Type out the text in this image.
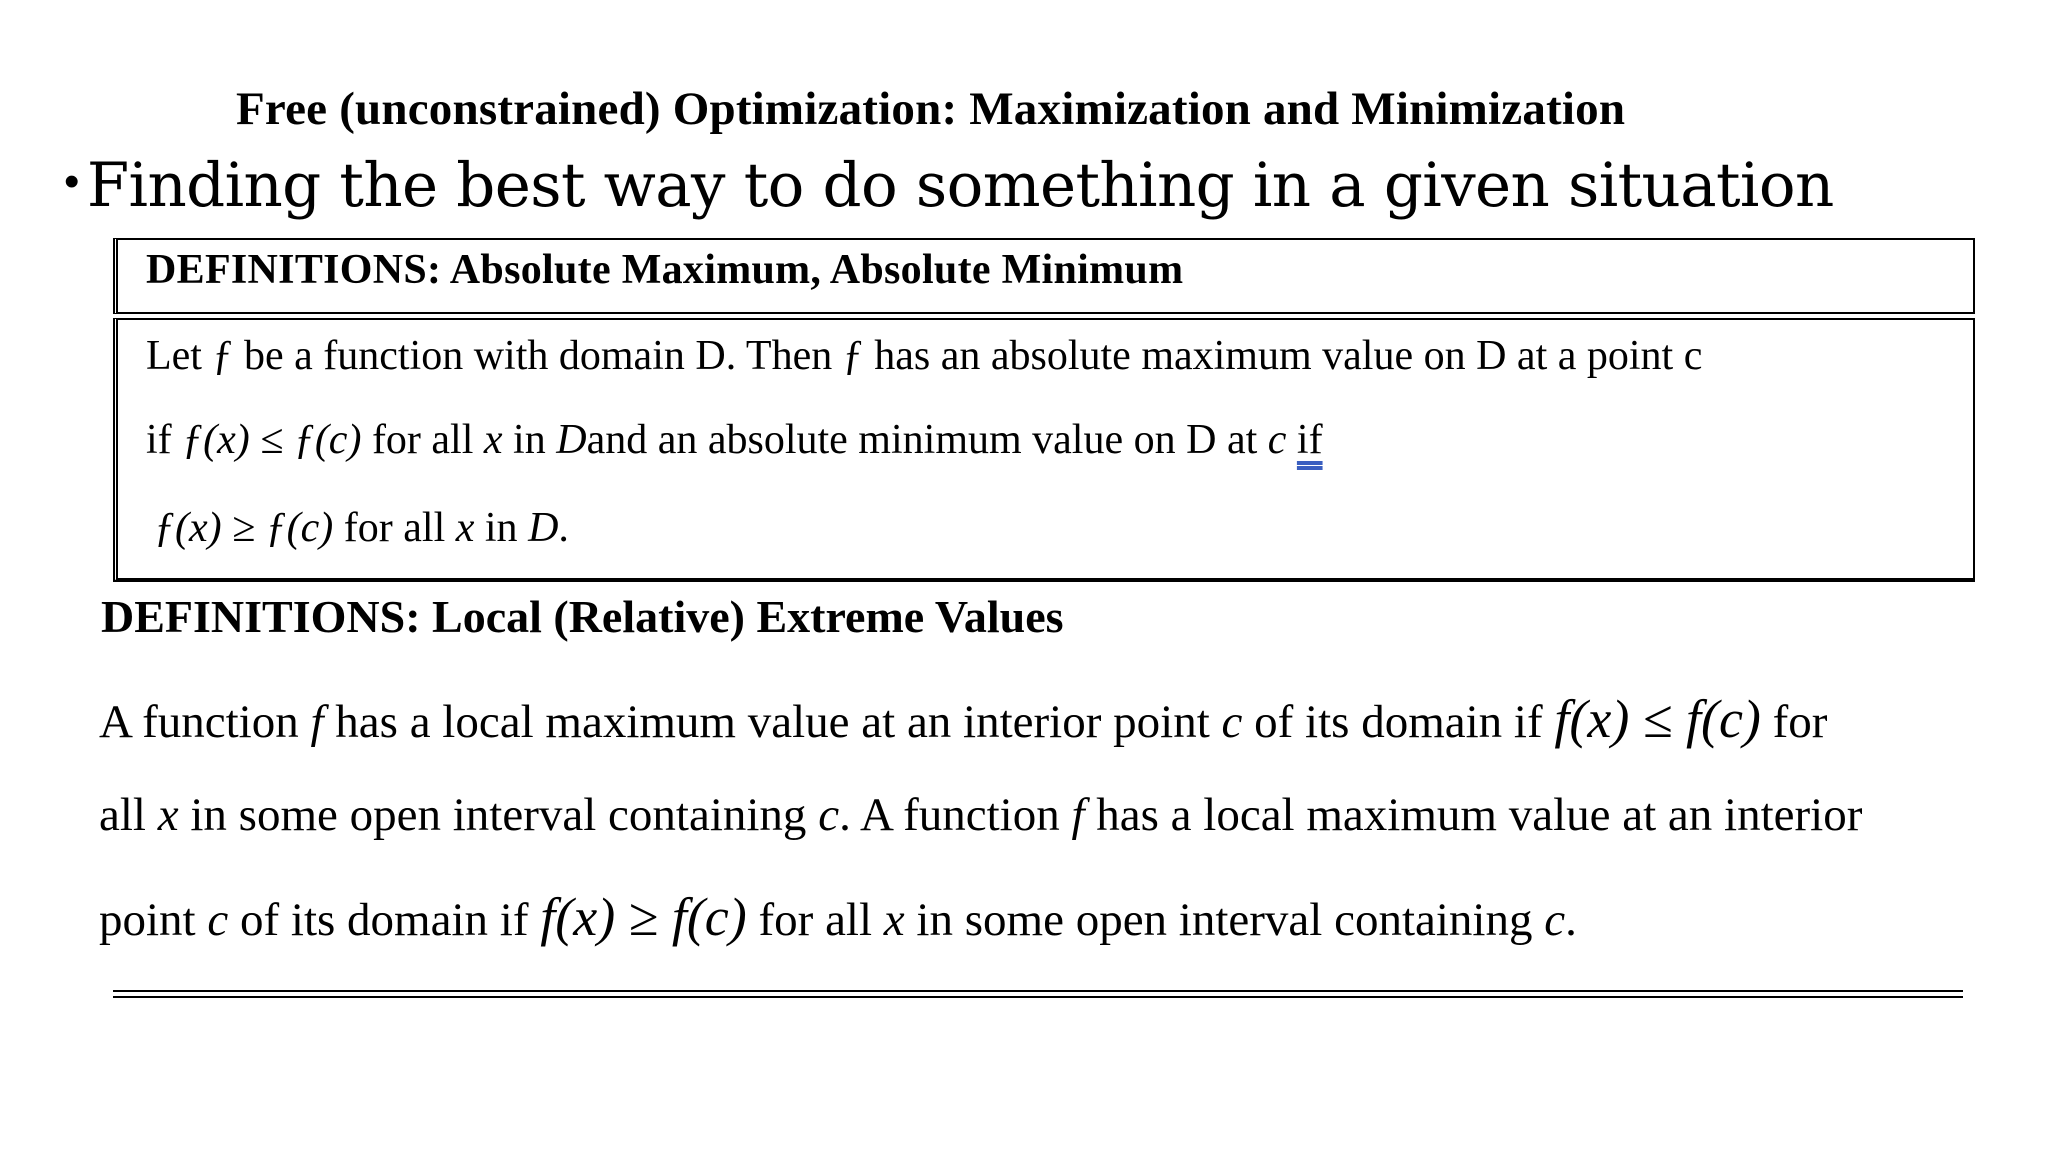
Free (unconstrained) Optimization: Maximization and Minimization
• Finding the best way to do something in a given situation
DEFINITIONS: Absolute Maximum, Absolute Minimum
Let ƒ be a function with domain D. Then ƒ has an absolute maximum value on D at a point c
if ƒ(x) ≤ ƒ(c) for all x in Dand an absolute minimum value on D at c if
ƒ(x) ≥ ƒ(c) for all x in D.
DEFINITIONS: Local (Relative) Extreme Values
A function f has a local maximum value at an interior point c of its domain if f(x) ≤ f(c) for
all x in some open interval containing c. A function f has a local maximum value at an interior
point c of its domain if f(x) ≥ f(c) for all x in some open interval containing c.
